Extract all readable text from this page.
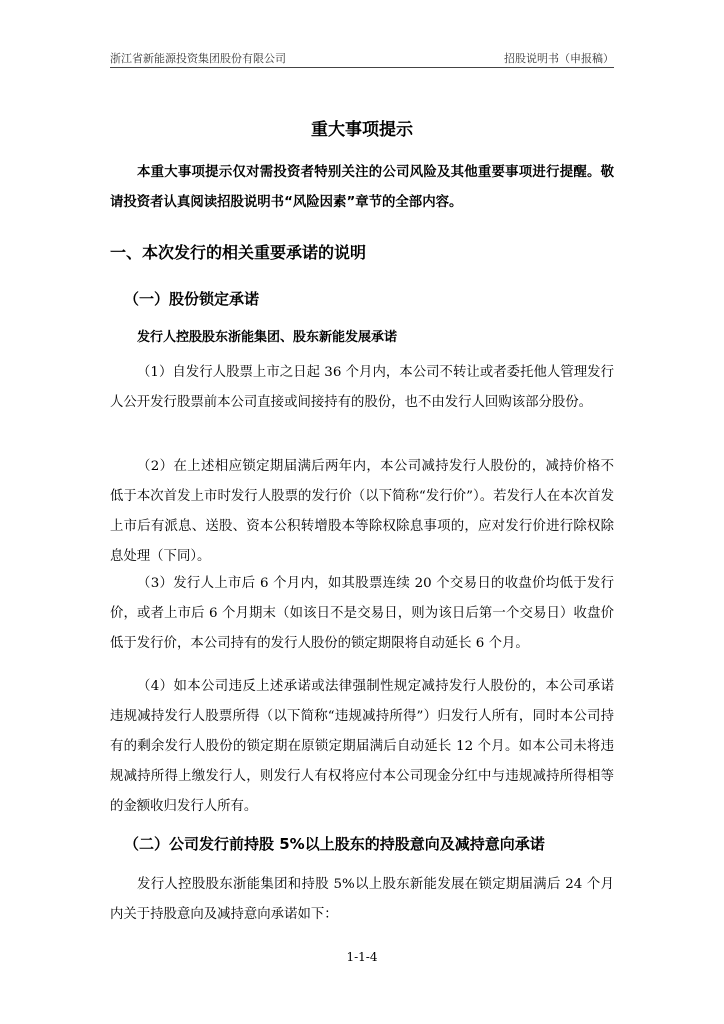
浙江省新能源投资集团股份有限公司	招股说明书（申报稿）
重大事项提示

本重大事项提示仅对需投资者特别关注的公司风险及其他重要事项进行提醒。敬请投资者认真阅读招股说明书“风险因素”章节的全部内容。

一、本次发行的相关重要承诺的说明
（一）股份锁定承诺
发行人控股股东浙能集团、股东新能发展承诺

（1）自发行人股票上市之日起 36 个月内，本公司不转让或者委托他人管理发行人公开发行股票前本公司直接或间接持有的股份，也不由发行人回购该部分股份。

（2）在上述相应锁定期届满后两年内，本公司减持发行人股份的，减持价格不低于本次首发上市时发行人股票的发行价（以下简称“发行价”）。若发行人在本次首发上市后有派息、送股、资本公积转增股本等除权除息事项的，应对发行价进行除权除息处理（下同）。

（3）发行人上市后 6 个月内，如其股票连续 20 个交易日的收盘价均低于发行价，或者上市后 6 个月期末（如该日不是交易日，则为该日后第一个交易日）收盘价低于发行价，本公司持有的发行人股份的锁定期限将自动延长 6 个月。

（4）如本公司违反上述承诺或法律强制性规定减持发行人股份的，本公司承诺违规减持发行人股票所得（以下简称“违规减持所得”）归发行人所有，同时本公司持有的剩余发行人股份的锁定期在原锁定期届满后自动延长 12 个月。如本公司未将违规减持所得上缴发行人，则发行人有权将应付本公司现金分红中与违规减持所得相等的金额收归发行人所有。

（二）公司发行前持股 5%以上股东的持股意向及减持意向承诺

发行人控股股东浙能集团和持股 5%以上股东新能发展在锁定期届满后 24 个月内关于持股意向及减持意向承诺如下：

1-1-4
